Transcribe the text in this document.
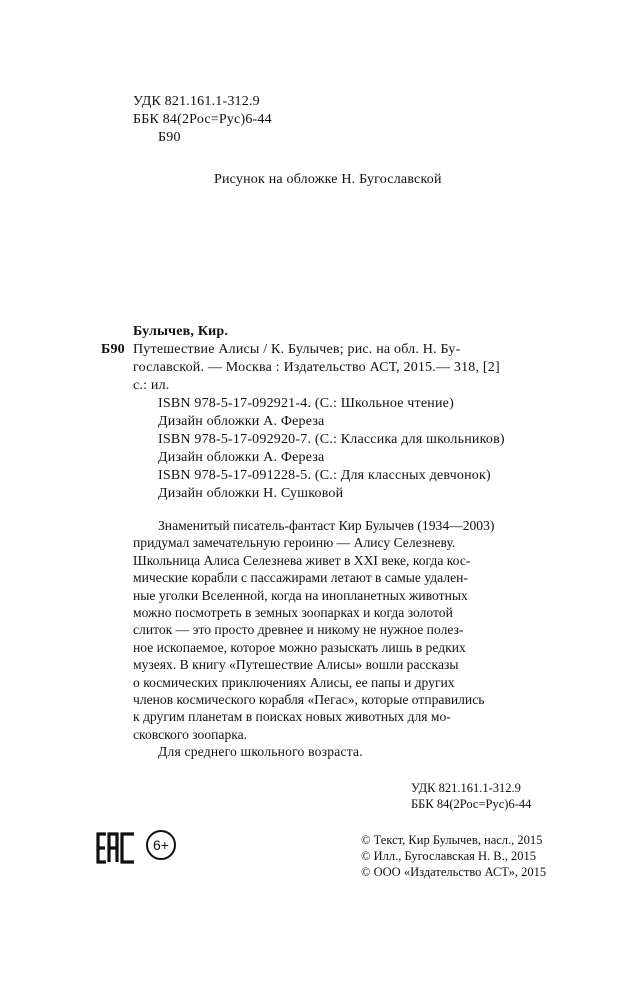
УДК 821.161.1-312.9
ББК 84(2Рос=Рус)6-44
Б90
Рисунок на обложке Н. Бугославской
Булычев, Кир.
Б90 Путешествие Алисы / К. Булычев; рис. на обл. Н. Бу-
гославской. — Москва : Издательство АСТ, 2015.— 318, [2]
с.: ил.
ISBN 978-5-17-092921-4. (С.: Школьное чтение)
Дизайн обложки А. Фереза
ISBN 978-5-17-092920-7. (С.: Классика для школьников)
Дизайн обложки А. Фереза
ISBN 978-5-17-091228-5. (С.: Для классных девчонок)
Дизайн обложки Н. Сушковой
Знаменитый писатель-фантаст Кир Булычев (1934—2003)
придумал замечательную героиню — Алису Селезневу.
Школьница Алиса Селезнева живет в XXI веке, когда кос-
мические корабли с пассажирами летают в самые удален-
ные уголки Вселенной, когда на инопланетных животных
можно посмотреть в земных зоопарках и когда золотой
слиток — это просто древнее и никому не нужное полез-
ное ископаемое, которое можно разыскать лишь в редких
музеях. В книгу «Путешествие Алисы» вошли рассказы
о космических приключениях Алисы, ее папы и других
членов космического корабля «Пегас», которые отправились
к другим планетам в поисках новых животных для мо-
сковского зоопарка.
Для среднего школьного возраста.
УДК 821.161.1-312.9
ББК 84(2Рос=Рус)6-44
6+	© Текст, Кир Булычев, насл., 2015
© Илл., Бугославская Н. В., 2015
© ООО «Издательство АСТ», 2015
